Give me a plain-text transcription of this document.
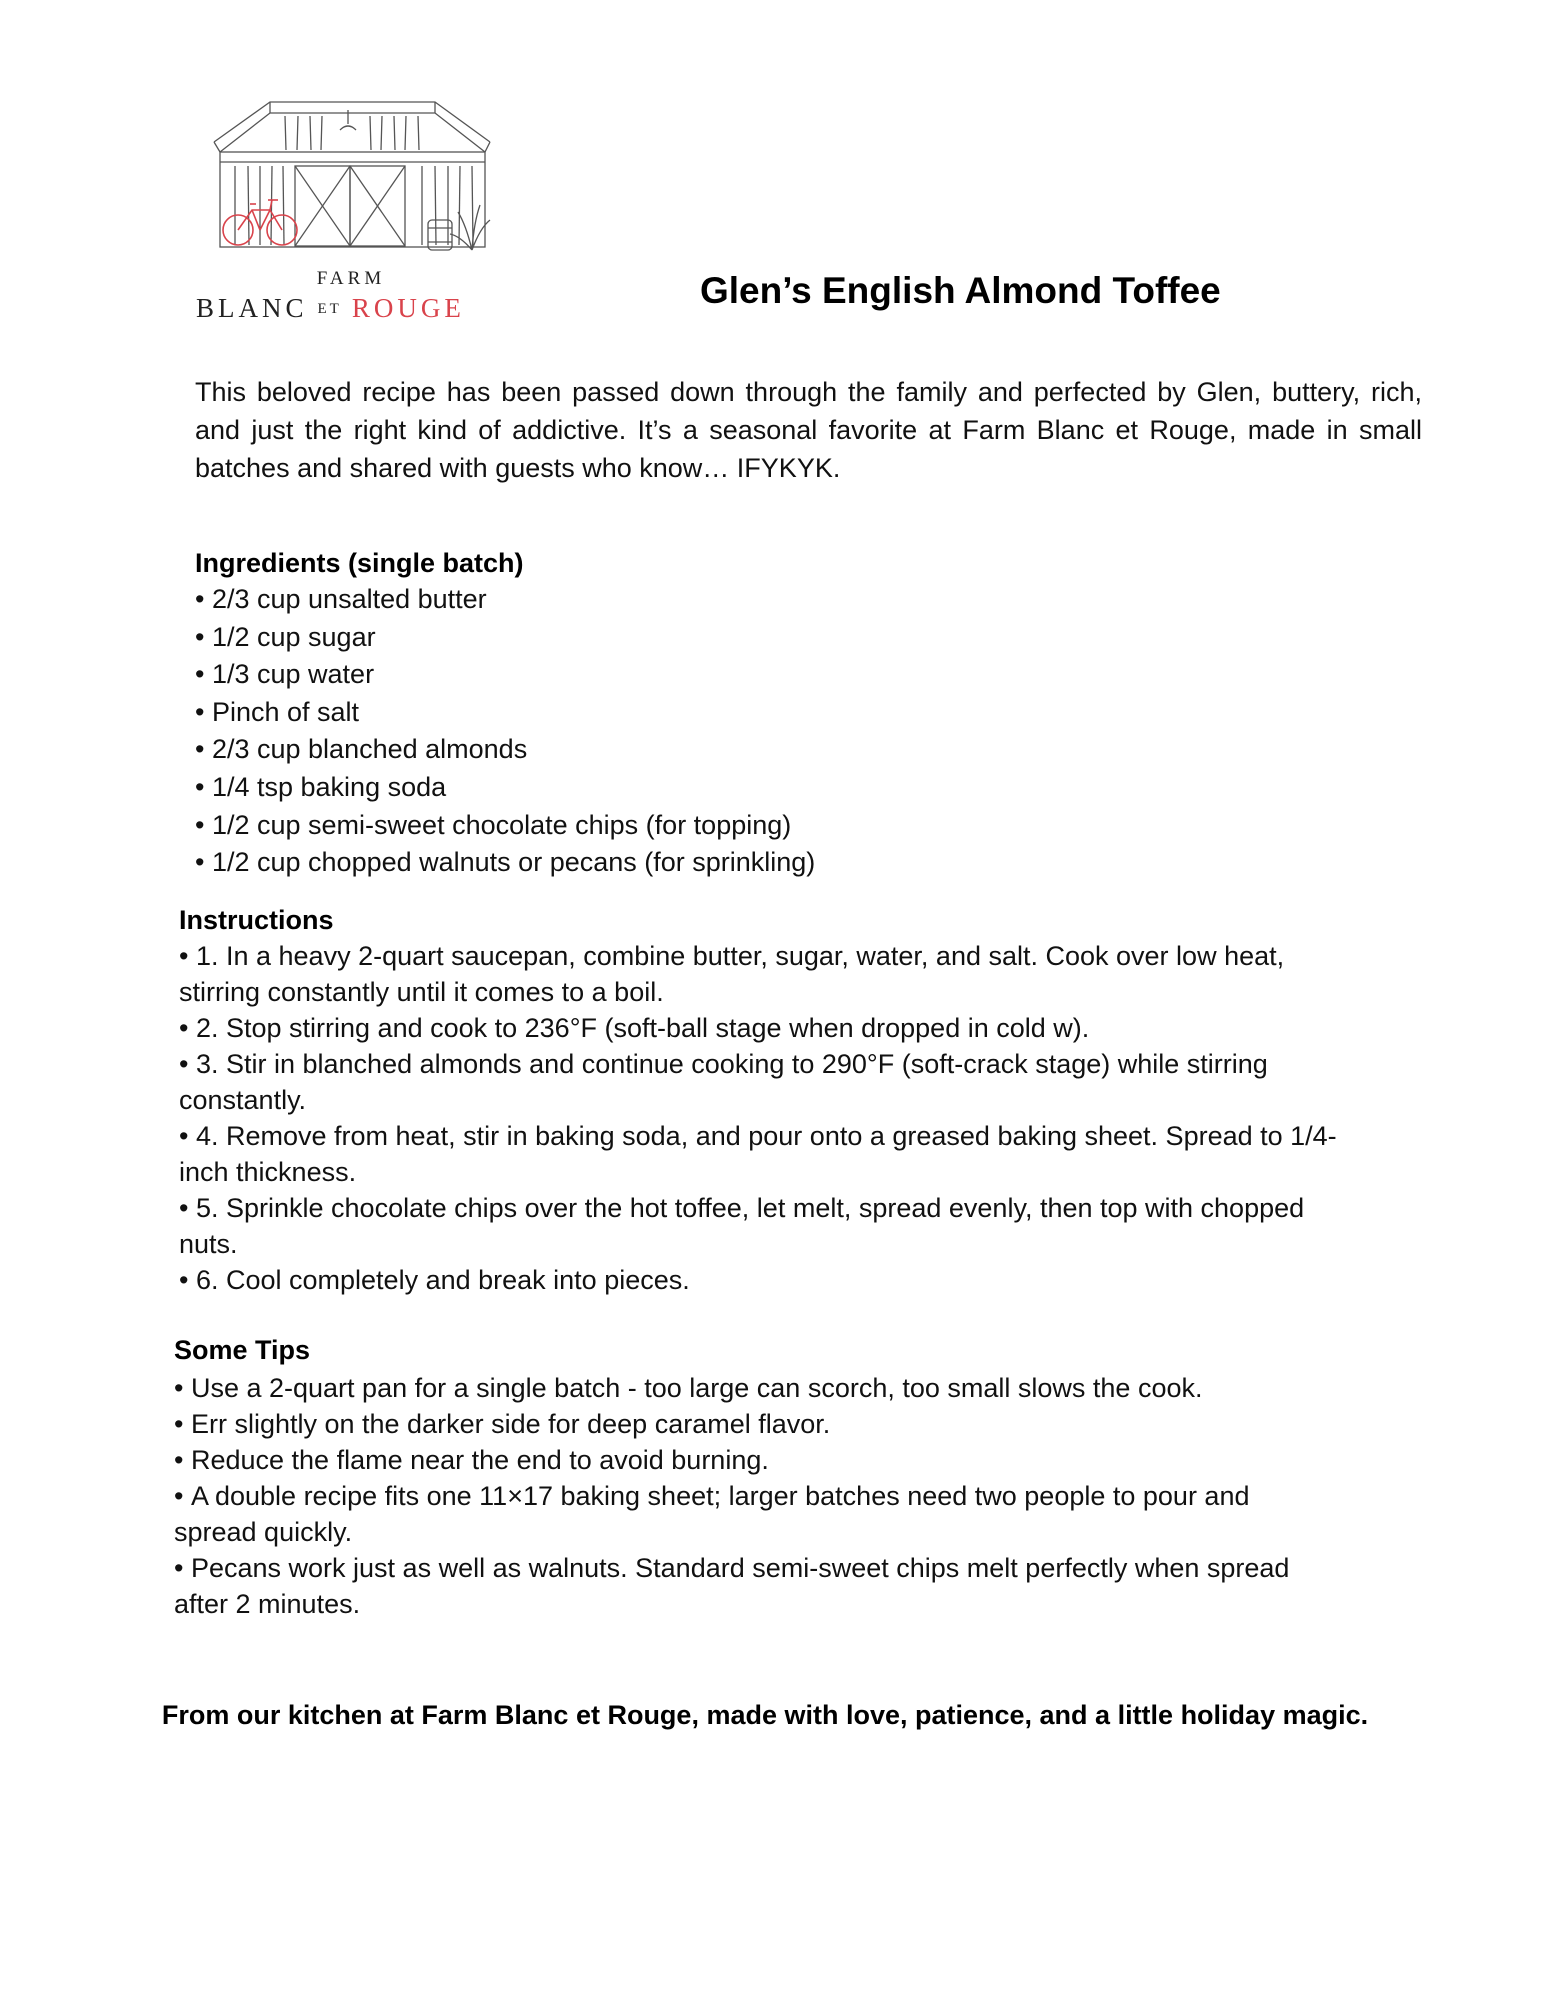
FARM
BLANC ET ROUGE	Glen’s English Almond Toffee

This beloved recipe has been passed down through the family and perfected by Glen, buttery, rich, and just the right kind of addictive. It’s a seasonal favorite at Farm Blanc et Rouge, made in small batches and shared with guests who know… IFYKYK.

Ingredients (single batch)
• 2/3 cup unsalted butter
• 1/2 cup sugar
• 1/3 cup water
• Pinch of salt
• 2/3 cup blanched almonds
• 1/4 tsp baking soda
• 1/2 cup semi-sweet chocolate chips (for topping)
• 1/2 cup chopped walnuts or pecans (for sprinkling)
Instructions
• 1. In a heavy 2-quart saucepan, combine butter, sugar, water, and salt. Cook over low heat, stirring constantly until it comes to a boil.
• 2. Stop stirring and cook to 236°F (soft-ball stage when dropped in cold w).
• 3. Stir in blanched almonds and continue cooking to 290°F (soft-crack stage) while stirring constantly.
• 4. Remove from heat, stir in baking soda, and pour onto a greased baking sheet. Spread to 1/4-inch thickness.
• 5. Sprinkle chocolate chips over the hot toffee, let melt, spread evenly, then top with chopped nuts.
• 6. Cool completely and break into pieces.
Some Tips
• Use a 2-quart pan for a single batch - too large can scorch, too small slows the cook.
• Err slightly on the darker side for deep caramel flavor.
• Reduce the flame near the end to avoid burning.
• A double recipe fits one 11×17 baking sheet; larger batches need two people to pour and spread quickly.
• Pecans work just as well as walnuts. Standard semi-sweet chips melt perfectly when spread after 2 minutes.

From our kitchen at Farm Blanc et Rouge, made with love, patience, and a little holiday magic.
